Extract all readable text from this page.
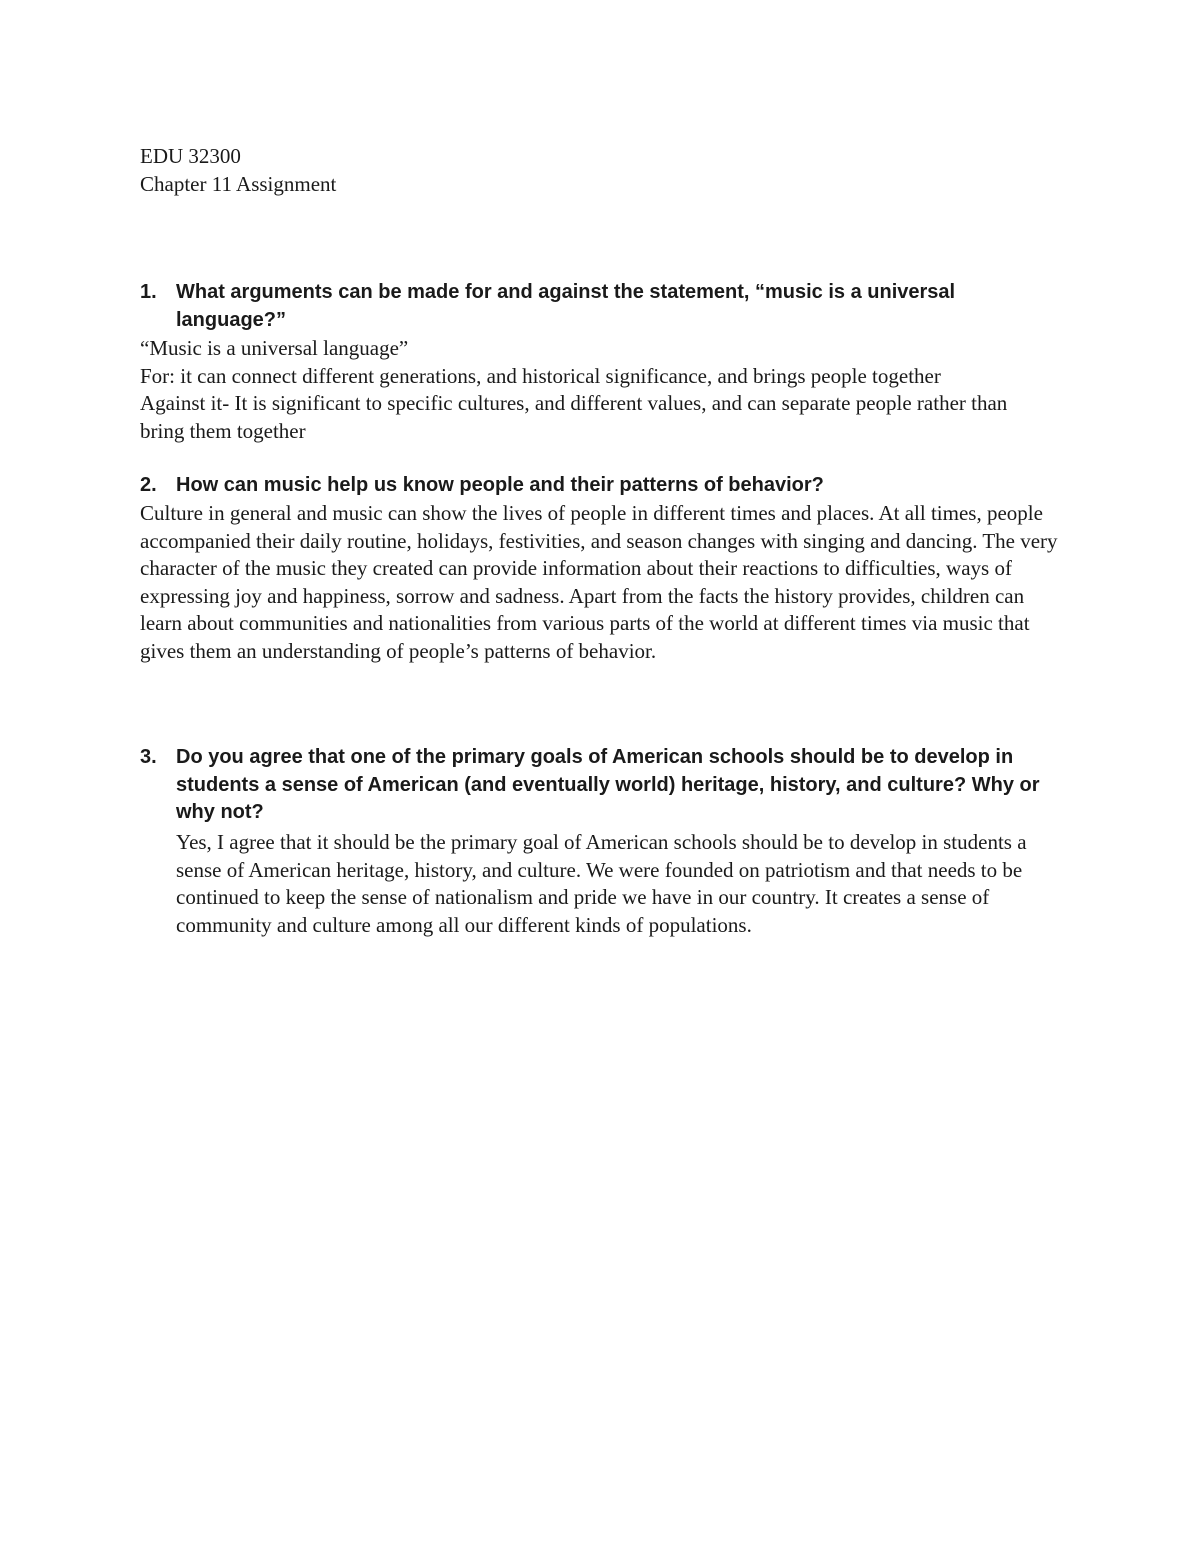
EDU 32300
Chapter 11 Assignment
1. What arguments can be made for and against the statement, “music is a universal language?”

“Music is a universal language”

For: it can connect different generations, and historical significance, and brings people together

Against it- It is significant to specific cultures, and different values, and can separate people rather than bring them together

2. How can music help us know people and their patterns of behavior?

Culture in general and music can show the lives of people in different times and places. At all times, people accompanied their daily routine, holidays, festivities, and season changes with singing and dancing. The very character of the music they created can provide information about their reactions to difficulties, ways of expressing joy and happiness, sorrow and sadness. Apart from the facts the history provides, children can learn about communities and nationalities from various parts of the world at different times via music that gives them an understanding of people’s patterns of behavior.

3. Do you agree that one of the primary goals of American schools should be to develop in students a sense of American (and eventually world) heritage, history, and culture? Why or why not?

Yes, I agree that it should be the primary goal of American schools should be to develop in students a sense of American heritage, history, and culture. We were founded on patriotism and that needs to be continued to keep the sense of nationalism and pride we have in our country. It creates a sense of community and culture among all our different kinds of populations.
